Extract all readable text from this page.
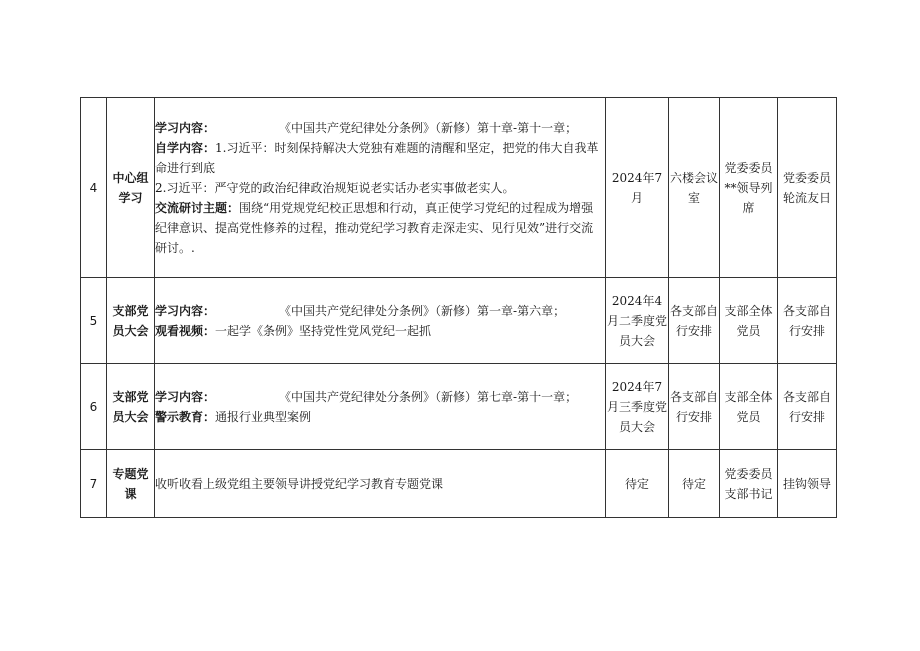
4	中心组学习	学习内容： 《中国共产党纪律处分条例》（新修）第十章-第十一章；
自学内容：1.习近平：时刻保持解决大党独有难题的清醒和坚定，把党的伟大自我革命进行到底
2.习近平：严守党的政治纪律政治规矩说老实话办老实事做老实人。
交流研讨主题：围绕“用党规党纪校正思想和行动，真正使学习党纪的过程成为增强纪律意识、提高党性修养的过程，推动党纪学习教育走深走实、见行见效”进行交流研讨。.	2024年7月	六楼会议室	党委委员**领导列席	党委委员轮流友日
5	支部党员大会	学习内容： 《中国共产党纪律处分条例》（新修）第一章-第六章；
观看视频：一起学《条例》坚持党性党风党纪一起抓	2024年4月二季度党员大会	各支部自行安排	支部全体党员	各支部自行安排
6	支部党员大会	学习内容： 《中国共产党纪律处分条例》（新修）第七章-第十一章；
警示教育：通报行业典型案例	2024年7月三季度党员大会	各支部自行安排	支部全体党员	各支部自行安排
7	专题党课	收听收看上级党组主要领导讲授党纪学习教育专题党课	待定	待定	党委委员支部书记	挂钩领导
